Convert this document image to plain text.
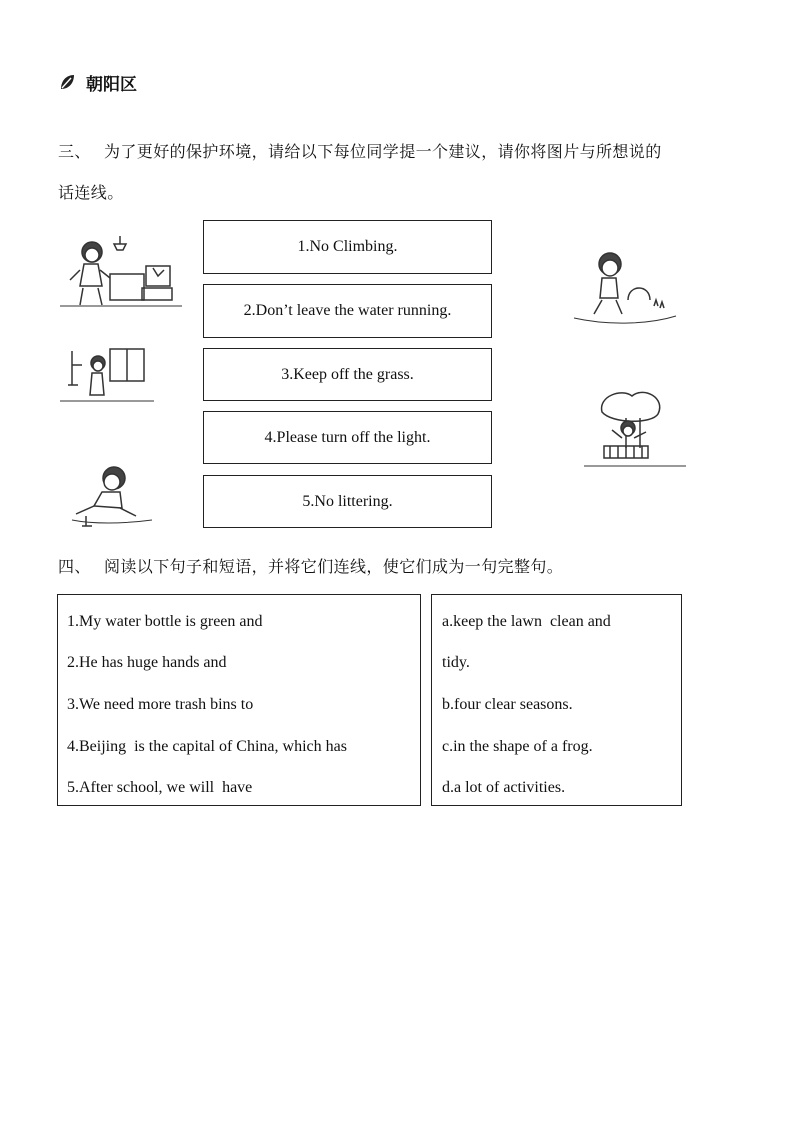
朝阳区
三、 为了更好的保护环境，请给以下每位同学提一个建议，请你将图片与所想说的
话连线。
1.No Climbing.
2.Don’t leave the water running.
3.Keep off the grass.
4.Please turn off the light.
5.No littering.
四、 阅读以下句子和短语，并将它们连线，使它们成为一句完整句。
1.My water bottle is green and
2.He has huge hands and
3.We need more trash bins to
4.Beijing  is the capital of China, which has
5.After school, we will  have
a.keep the lawn  clean and
tidy.
b.four clear seasons.
c.in the shape of a frog.
d.a lot of activities.
